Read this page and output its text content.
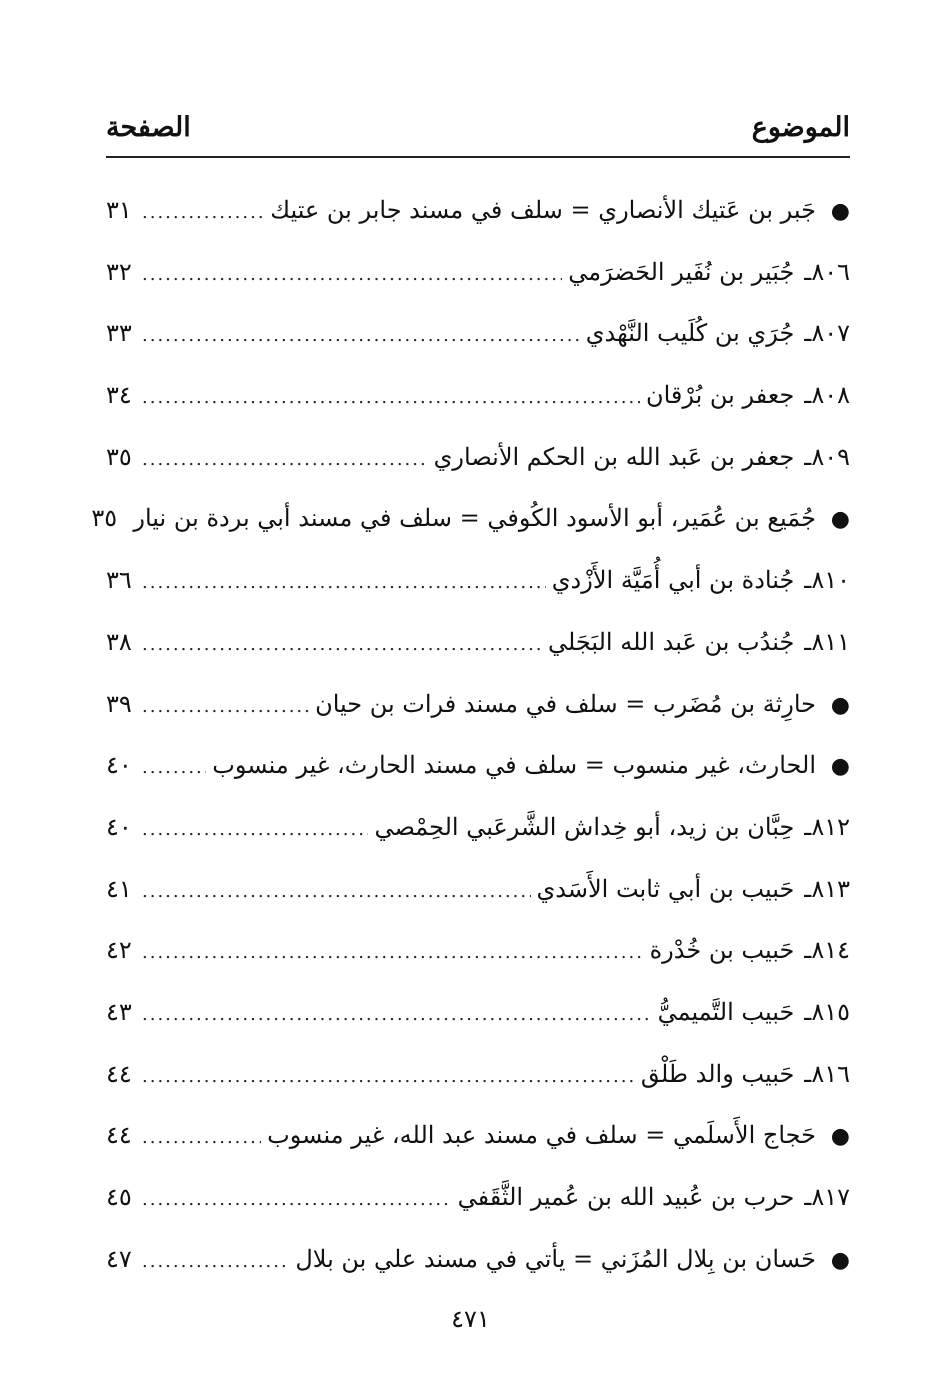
الموضوع
الصفحة
●
جَبر بن عَتيك الأنصاري = سلف في مسند جابر بن عتيك
.....
٣١
٨٠٦ـ
جُبَير بن نُفَير الحَضرَمي
.....
٣٢
٨٠٧ـ
جُرَي بن كُلَيب النَّهْدي
.....
٣٣
٨٠٨ـ
جعفر بن بُرْقان
.....
٣٤
٨٠٩ـ
جعفر بن عَبد الله بن الحكم الأنصاري
.....
٣٥
●
جُمَيع بن عُمَير، أبو الأسود الكُوفي = سلف في مسند أبي بردة بن نيار
٣٥
٨١٠ـ
جُنادة بن أبي أُمَيَّة الأَزْدي
.....
٣٦
٨١١ـ
جُندُب بن عَبد الله البَجَلي
.....
٣٨
●
حارِثة بن مُضَرب = سلف في مسند فرات بن حيان
.....
٣٩
●
الحارث، غير منسوب = سلف في مسند الحارث، غير منسوب
.....
٤٠
٨١٢ـ
حِبَّان بن زيد، أبو خِداش الشَّرعَبي الحِمْصي
.....
٤٠
٨١٣ـ
حَبيب بن أبي ثابت الأَسَدي
.....
٤١
٨١٤ـ
حَبيب بن خُدْرة
.....
٤٢
٨١٥ـ
حَبيب التَّميميُّ
.....
٤٣
٨١٦ـ
حَبيب والد طَلْق
.....
٤٤
●
حَجاج الأَسلَمي = سلف في مسند عبد الله، غير منسوب
.....
٤٤
٨١٧ـ
حرب بن عُبيد الله بن عُمير الثَّقَفي
.....
٤٥
●
حَسان بن بِلال المُزَني = يأتي في مسند علي بن بلال
.....
٤٧
٤٧١
